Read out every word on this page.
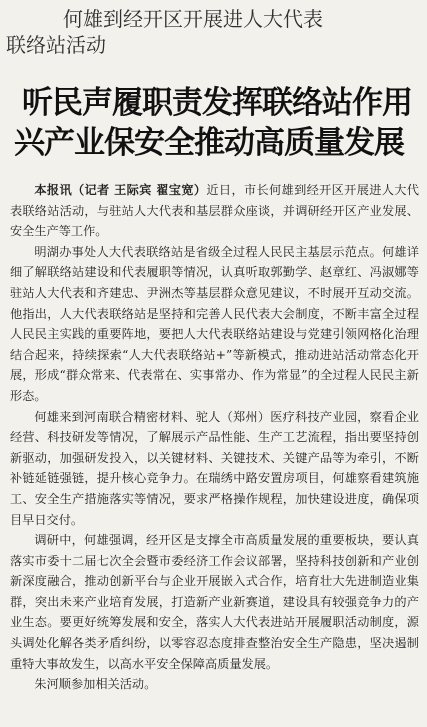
何雄到经开区开展进人大代表
联络站活动
听民声履职责发挥联络站作用
兴产业保安全推动高质量发展

本报讯（记者 王际宾 翟宝宽）近日，市长何雄到经开区开展进人大代表联络站活动，与驻站人大代表和基层群众座谈，并调研经开区产业发展、安全生产等工作。

明湖办事处人大代表联络站是省级全过程人民民主基层示范点。何雄详细了解联络站建设和代表履职等情况，认真听取郭勤学、赵章红、冯淑娜等驻站人大代表和齐建忠、尹洲杰等基层群众意见建议，不时展开互动交流。他指出，人大代表联络站是坚持和完善人民代表大会制度，不断丰富全过程人民民主实践的重要阵地，要把人大代表联络站建设与党建引领网格化治理结合起来，持续探索“人大代表联络站+”等新模式，推动进站活动常态化开展，形成“群众常来、代表常在、实事常办、作为常显”的全过程人民民主新形态。

何雄来到河南联合精密材料、驼人（郑州）医疗科技产业园，察看企业经营、科技研发等情况，了解展示产品性能、生产工艺流程，指出要坚持创新驱动，加强研发投入，以关键材料、关键技术、关键产品等为牵引，不断补链延链强链，提升核心竞争力。在瑞绣中路安置房项目，何雄察看建筑施工、安全生产措施落实等情况，要求严格操作规程，加快建设进度，确保项目早日交付。

调研中，何雄强调，经开区是支撑全市高质量发展的重要板块，要认真落实市委十二届七次全会暨市委经济工作会议部署，坚持科技创新和产业创新深度融合，推动创新平台与企业开展嵌入式合作，培育壮大先进制造业集群，突出未来产业培育发展，打造新产业新赛道，建设具有较强竞争力的产业生态。要更好统筹发展和安全，落实人大代表进站开展履职活动制度，源头调处化解各类矛盾纠纷，以零容忍态度排查整治安全生产隐患，坚决遏制重特大事故发生，以高水平安全保障高质量发展。

朱河顺参加相关活动。
